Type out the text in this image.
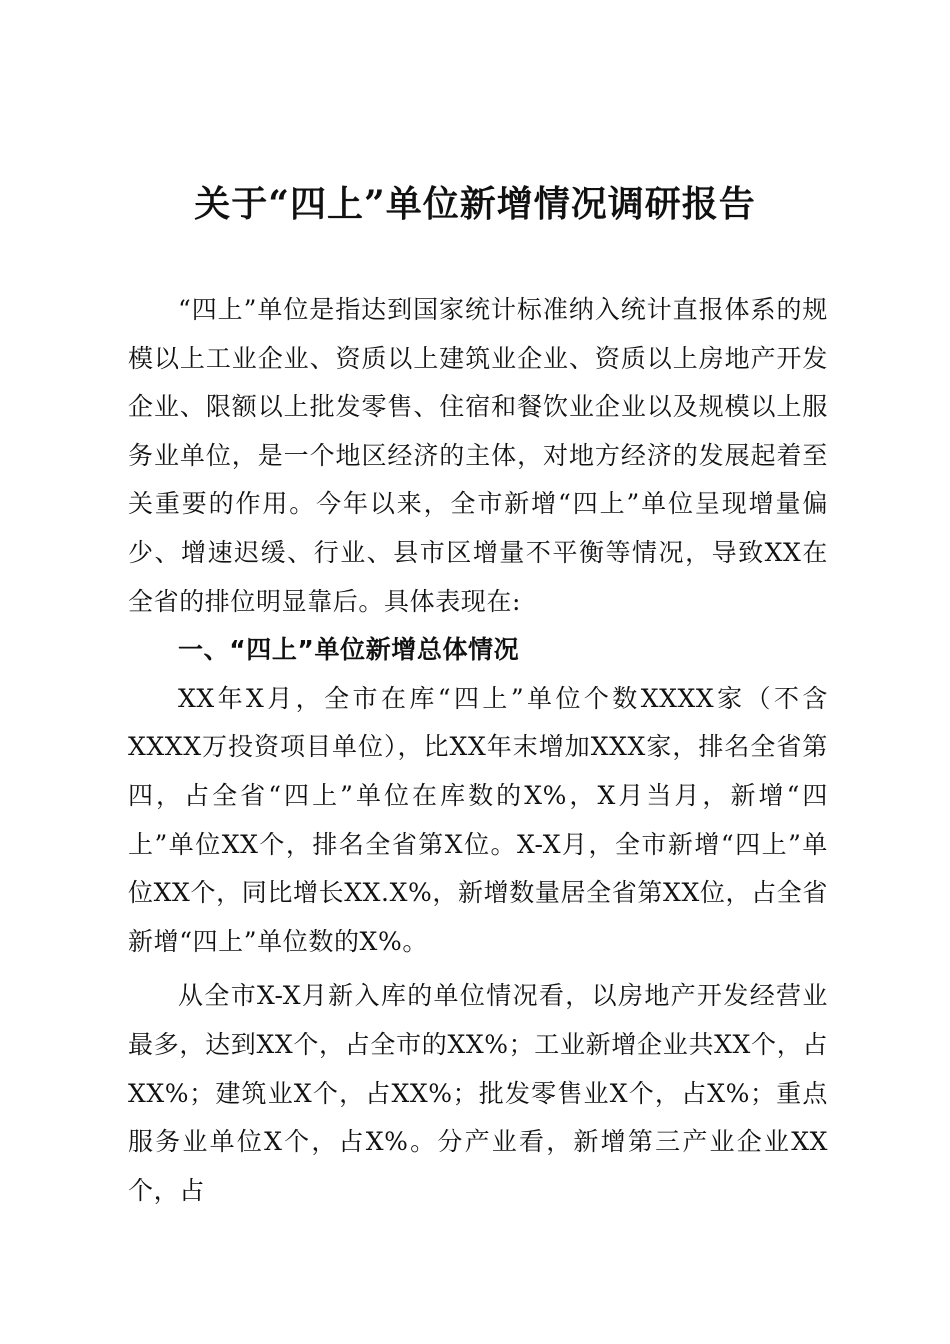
关于“四上”单位新增情况调研报告

“四上”单位是指达到国家统计标准纳入统计直报体系的规模以上工业企业、资质以上建筑业企业、资质以上房地产开发企业、限额以上批发零售、住宿和餐饮业企业以及规模以上服务业单位，是一个地区经济的主体，对地方经济的发展起着至关重要的作用。今年以来，全市新增“四上”单位呈现增量偏少、增速迟缓、行业、县市区增量不平衡等情况，导致XX在全省的排位明显靠后。具体表现在:

一、“四上”单位新增总体情况

XX年X月，全市在库“四上”单位个数XXXX家（不含XXXX万投资项目单位），比XX年末增加XXX家，排名全省第四，占全省“四上”单位在库数的X%，X月当月，新增“四上”单位XX个，排名全省第X位。X-X月，全市新增“四上”单位XX个，同比增长XX.X%，新增数量居全省第XX位，占全省新增“四上”单位数的X%。

从全市X-X月新入库的单位情况看，以房地产开发经营业最多，达到XX个，占全市的XX%；工业新增企业共XX个，占XX%；建筑业X个，占XX%；批发零售业X个，占X%；重点服务业单位X个，占X%。分产业看，新增第三产业企业XX个，占
